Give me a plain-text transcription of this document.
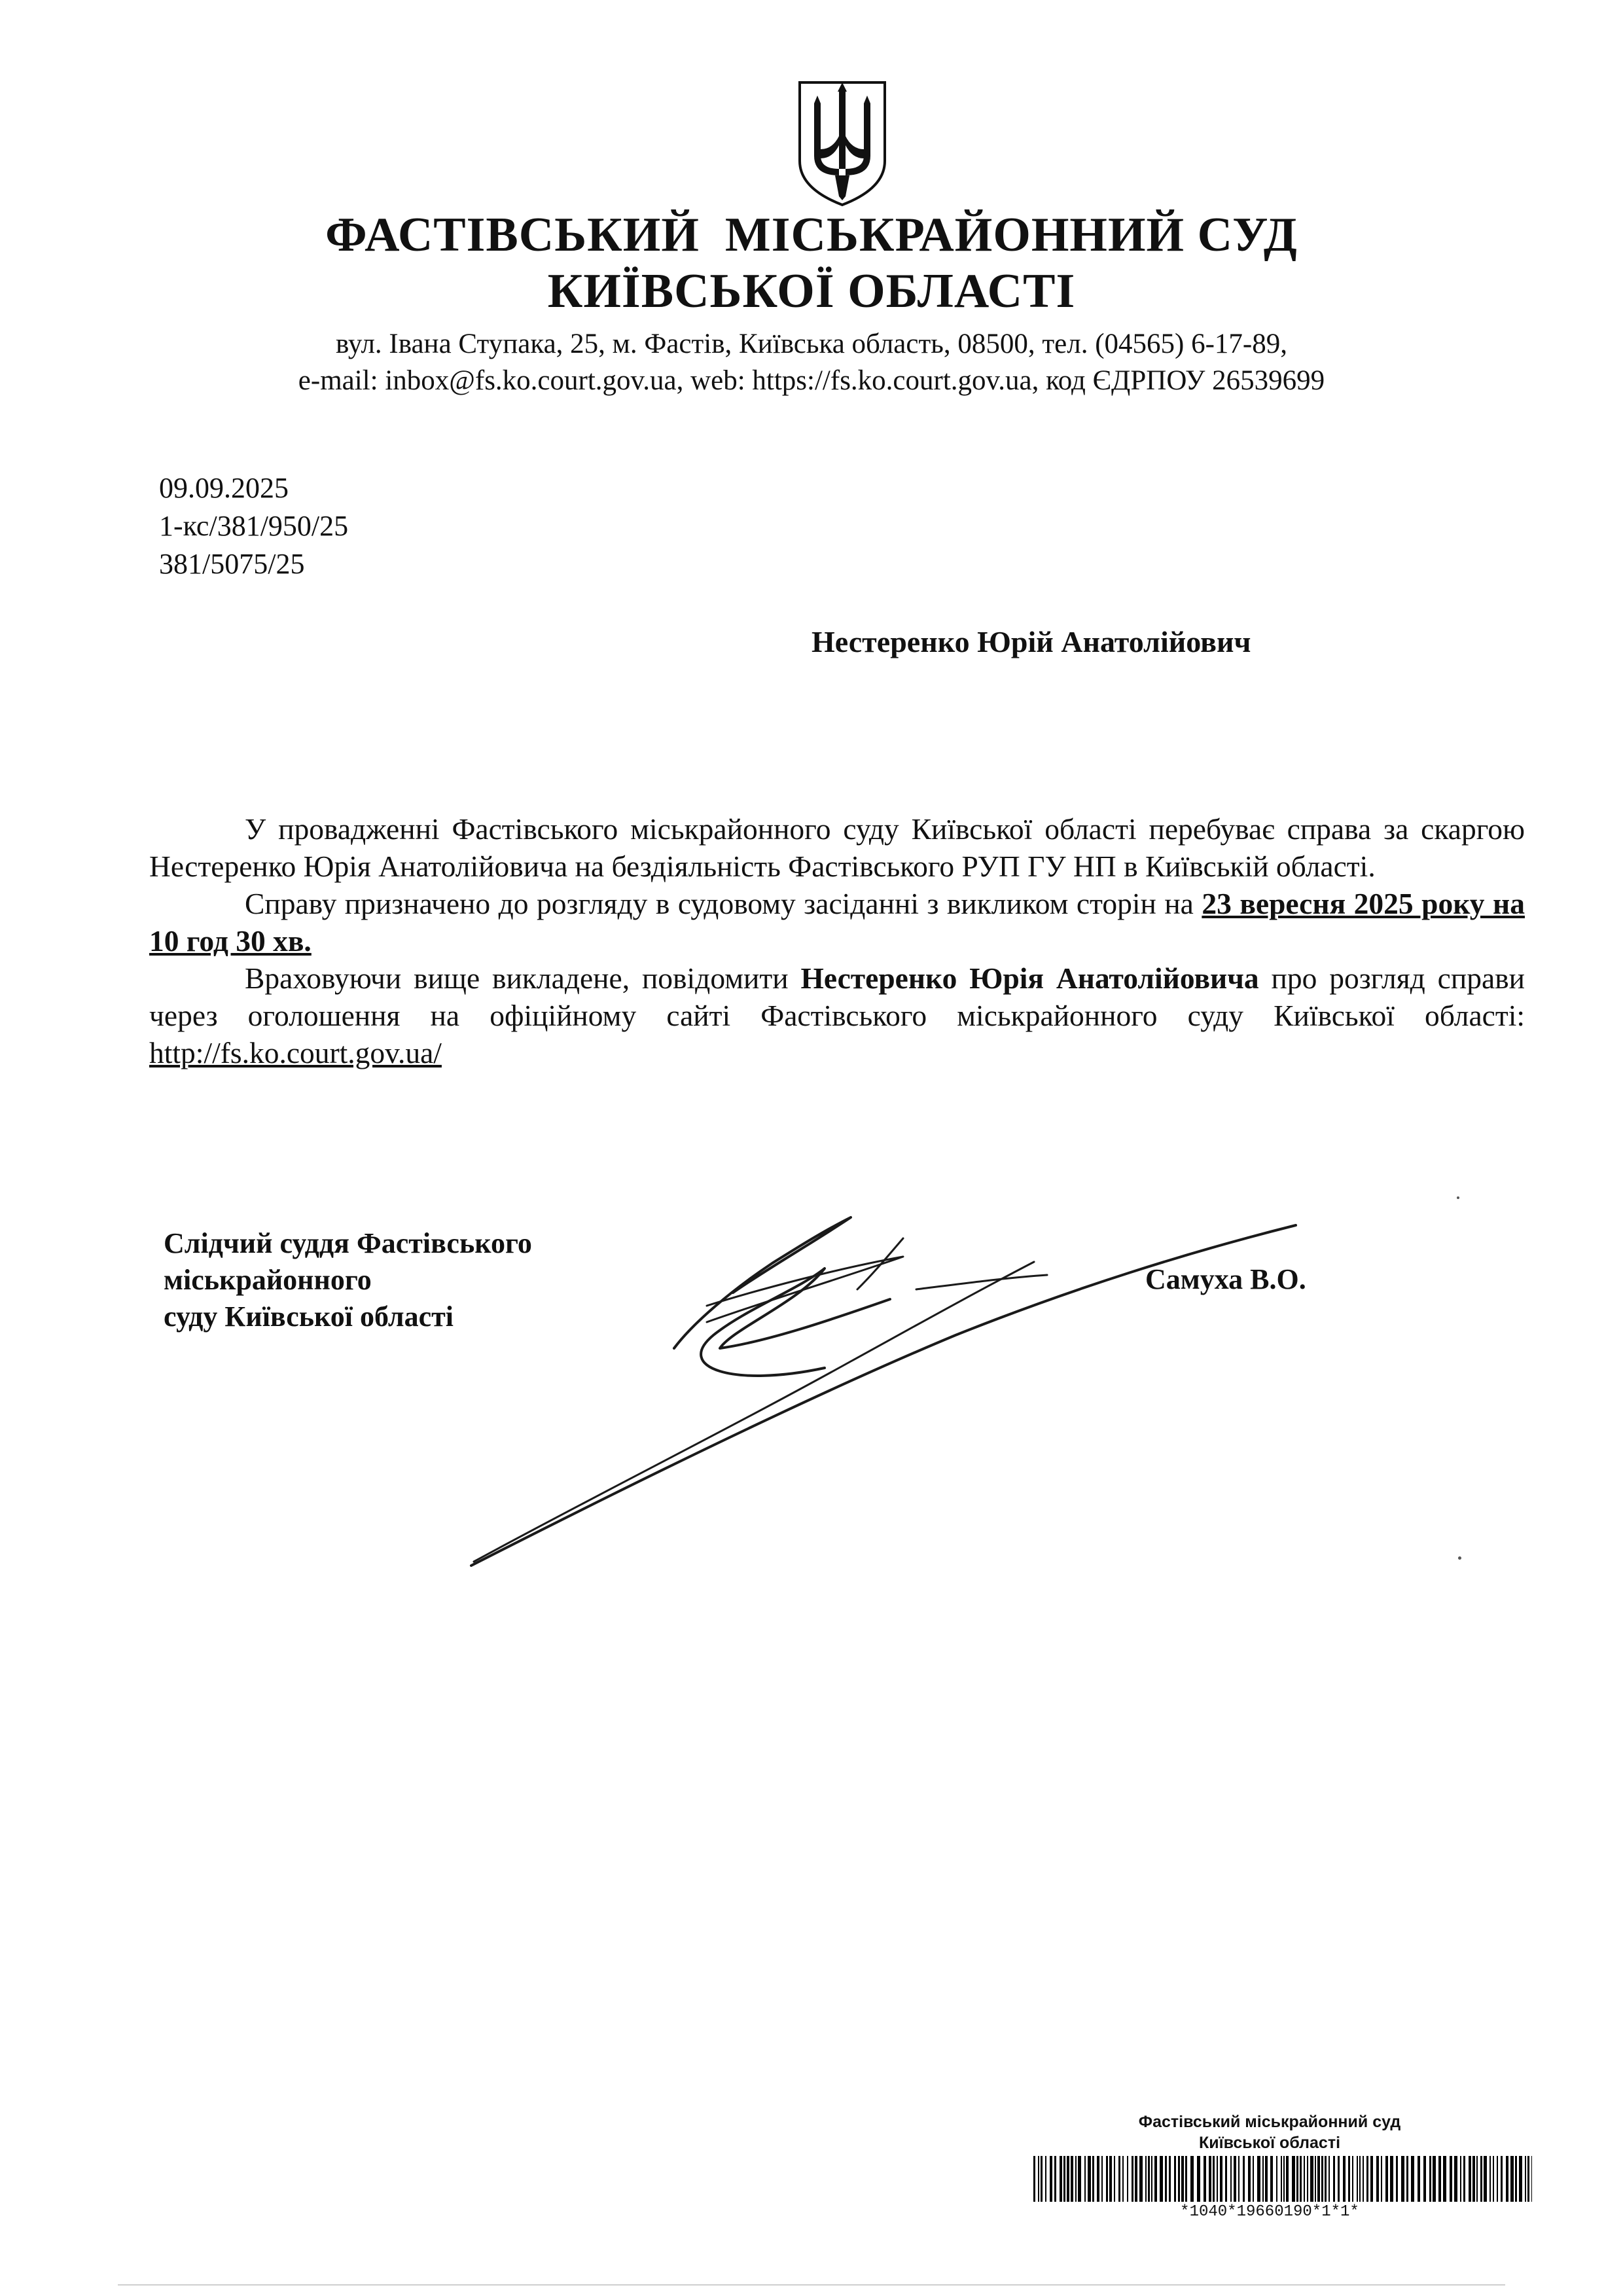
ФАСТІВСЬКИЙ  МІСЬКРАЙОННИЙ СУД
КИЇВСЬКОЇ ОБЛАСТІ
вул. Івана Ступака, 25, м. Фастів, Київська область, 08500, тел. (04565) 6-17-89,
e-mail: inbox@fs.ko.court.gov.ua, web: https://fs.ko.court.gov.ua, код ЄДРПОУ 26539699
09.09.2025
1-кс/381/950/25
381/5075/25
Нестеренко Юрій Анатолійович

У провадженні Фастівського міськрайонного суду Київської області перебуває справа за скаргою Нестеренко Юрія Анатолійовича на бездіяльність Фастівського РУП ГУ НП в Київській області.

Справу призначено до розгляду в судовому засіданні з викликом сторін на 23 вересня 2025 року на 10 год 30 хв.

Враховуючи вище викладене, повідомити Нестеренко Юрія Анатолійовича про розгляд справи через оголошення на офіційному сайті Фастівського міськрайонного суду Київської області: http://fs.ko.court.gov.ua/

Слідчий суддя Фастівського
міськрайонного
суду Київської області
Самуха В.О.
Фастівський міськрайонний суд
Київської області
*1040*19660190*1*1*
